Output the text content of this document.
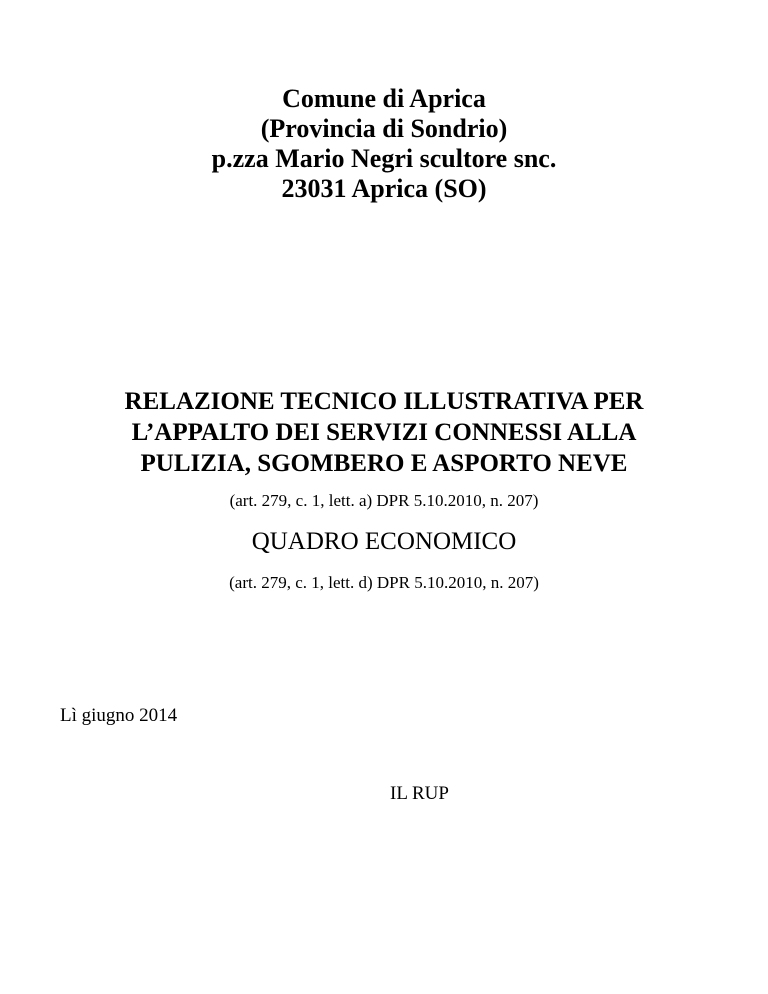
Comune di Aprica
(Provincia di Sondrio)
p.zza Mario Negri scultore snc.
23031 Aprica (SO)
RELAZIONE TECNICO ILLUSTRATIVA PER
L’APPALTO DEI SERVIZI CONNESSI ALLA
PULIZIA, SGOMBERO E ASPORTO NEVE
(art. 279, c. 1, lett. a) DPR 5.10.2010, n. 207)
QUADRO ECONOMICO
(art. 279, c. 1, lett. d) DPR 5.10.2010, n. 207)
Lì giugno 2014
IL RUP
